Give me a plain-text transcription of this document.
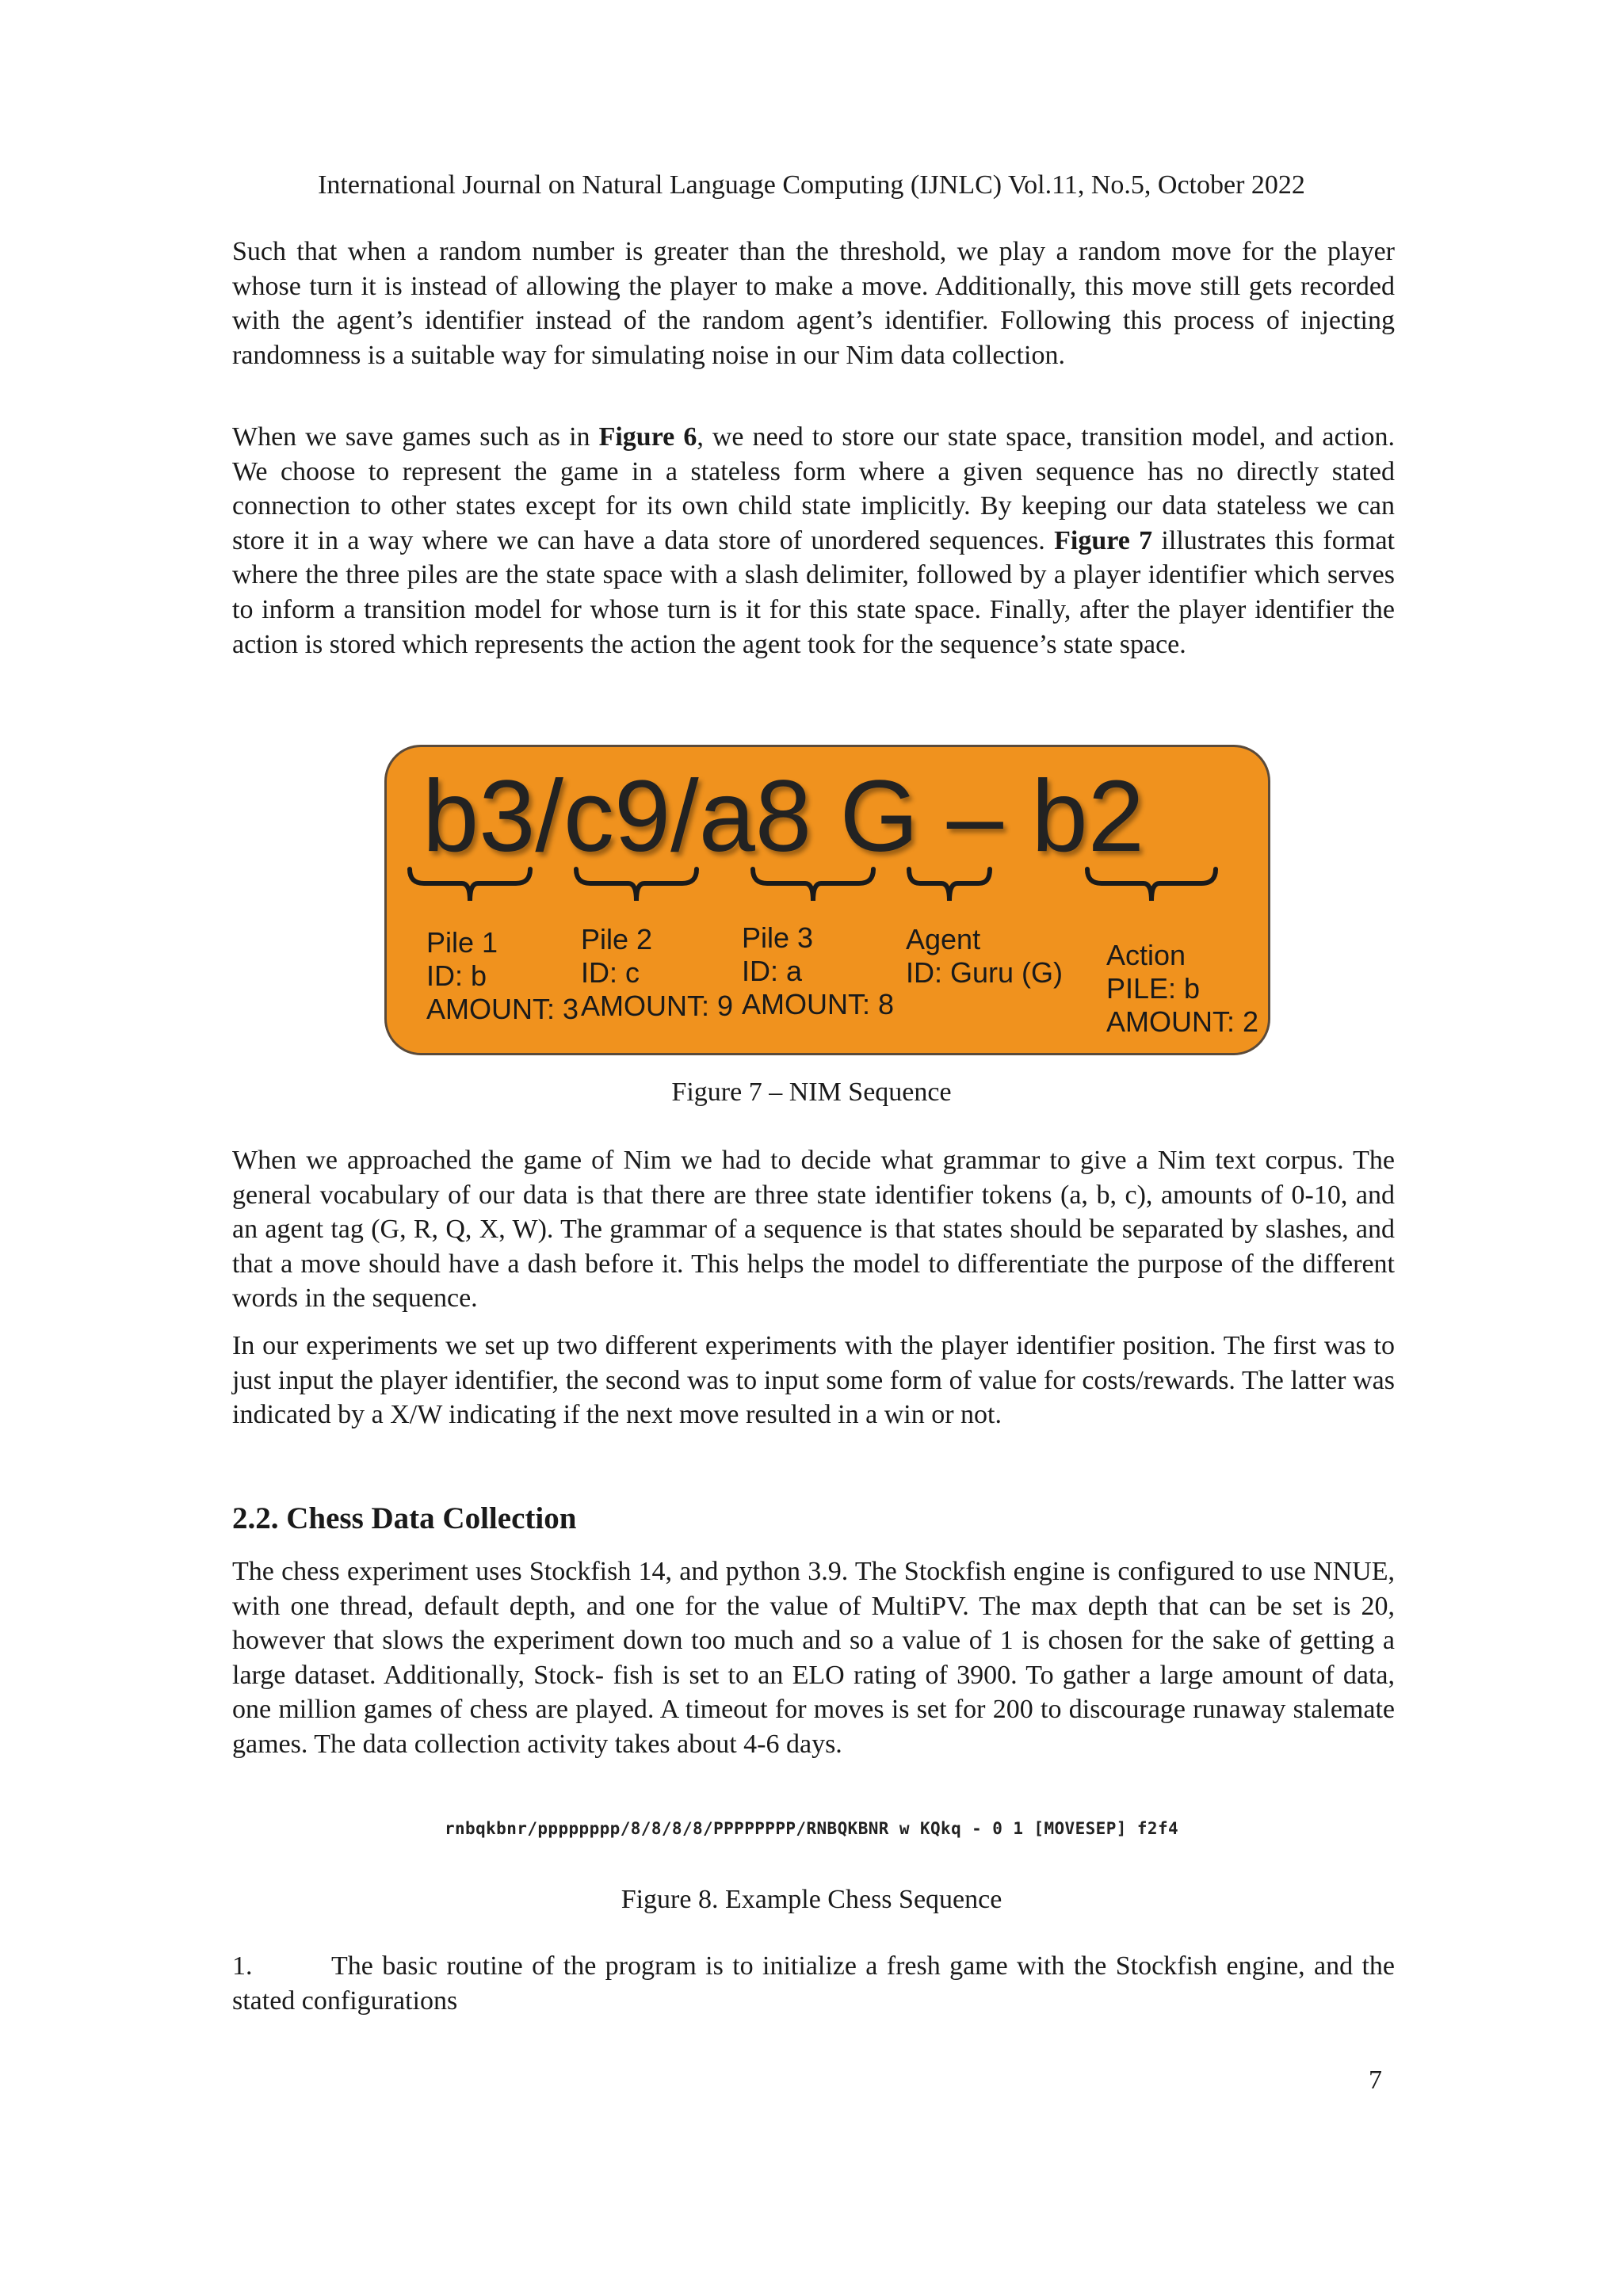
International Journal on Natural Language Computing (IJNLC) Vol.11, No.5, October 2022

Such that when a random number is greater than the threshold, we play a random move for the player whose turn it is instead of allowing the player to make a move. Additionally, this move still gets recorded with the agent’s identifier instead of the random agent’s identifier. Following this process of injecting randomness is a suitable way for simulating noise in our Nim data collection.

When we save games such as in Figure 6, we need to store our state space, transition model, and action. We choose to represent the game in a stateless form where a given sequence has no directly stated connection to other states except for its own child state implicitly. By keeping our data stateless we can store it in a way where we can have a data store of unordered sequences. Figure 7 illustrates this format where the three piles are the state space with a slash delimiter, followed by a player identifier which serves to inform a transition model for whose turn is it for this state space. Finally, after the player identifier the action is stored which represents the action the agent took for the sequence’s state space.

b3/c9/a8 G – b2
Pile 1
ID: b
AMOUNT: 3
Pile 2
ID: c
AMOUNT: 9
Pile 3
ID: a
AMOUNT: 8
Agent
ID: Guru (G)
Action
PILE: b
AMOUNT: 2
Figure 7 – NIM Sequence

When we approached the game of Nim we had to decide what grammar to give a Nim text corpus. The general vocabulary of our data is that there are three state identifier tokens (a, b, c), amounts of 0-10, and an agent tag (G, R, Q, X, W). The grammar of a sequence is that states should be separated by slashes, and that a move should have a dash before it. This helps the model to differentiate the purpose of the different words in the sequence.

In our experiments we set up two different experiments with the player identifier position. The first was to just input the player identifier, the second was to input some form of value for costs/rewards. The latter was indicated by a X/W indicating if the next move resulted in a win or not.

2.2. Chess Data Collection

The chess experiment uses Stockfish 14, and python 3.9. The Stockfish engine is configured to use NNUE, with one thread, default depth, and one for the value of MultiPV. The max depth that can be set is 20, however that slows the experiment down too much and so a value of 1 is chosen for the sake of getting a large dataset. Additionally, Stock- fish is set to an ELO rating of 3900. To gather a large amount of data, one million games of chess are played. A timeout for moves is set for 200 to discourage runaway stalemate games. The data collection activity takes about 4-6 days.

rnbqkbnr/pppppppp/8/8/8/8/PPPPPPPP/RNBQKBNR w KQkq - 0 1 [MOVESEP] f2f4
Figure 8. Example Chess Sequence
1.	The basic routine of the program is to initialize a fresh game with the Stockfish engine, and the stated configurations
7
